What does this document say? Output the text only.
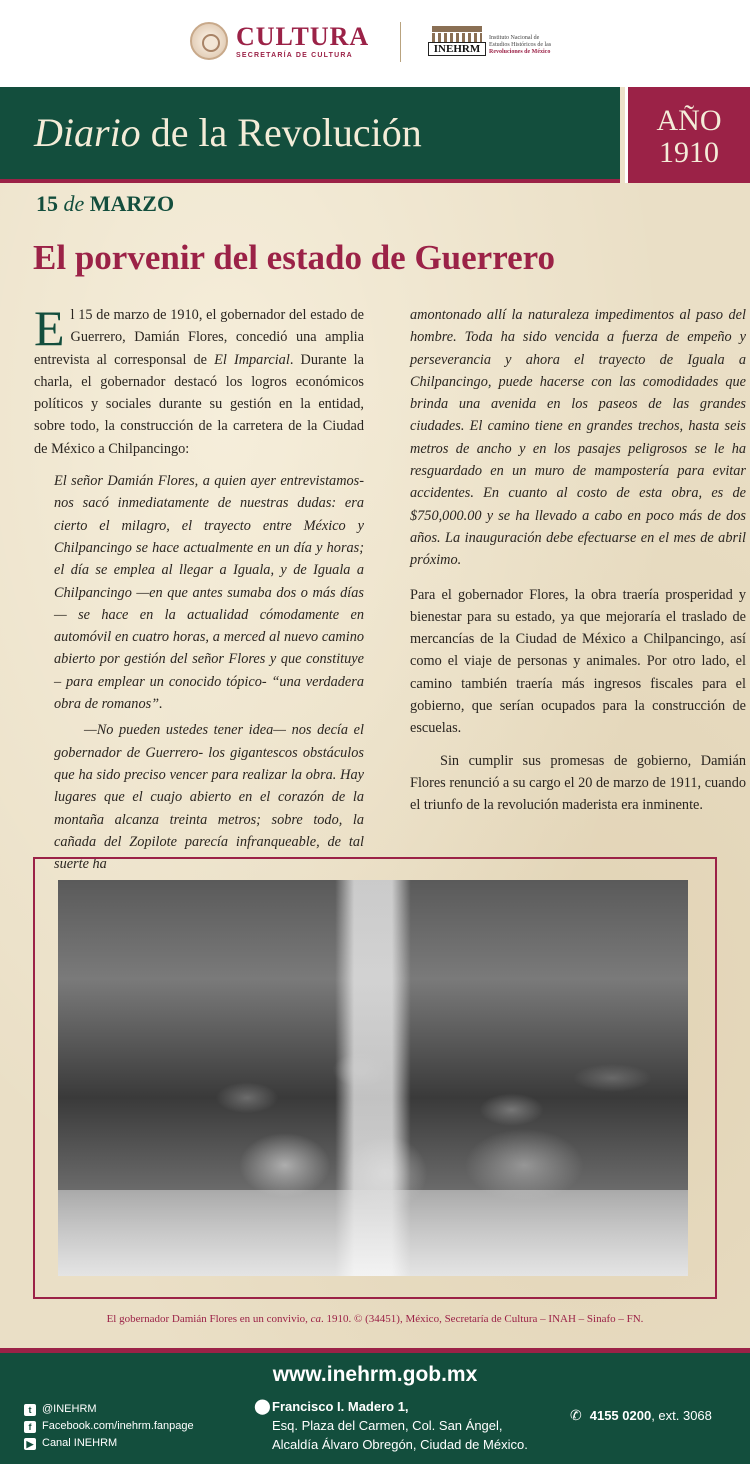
CULTURA
SECRETARÍA DE CULTURA	INEHRM
Instituto Nacional de
Estudios Históricos de las
Revoluciones de México
Diario de la Revolución	AÑO
1910
15 de MARZO
El porvenir del estado de Guerrero

El 15 de marzo de 1910, el gobernador del estado de Guerrero, Damián Flores, concedió una amplia entrevista al corresponsal de El Imparcial. Durante la charla, el gobernador destacó los logros económicos políticos y sociales durante su gestión en la entidad, sobre todo, la construcción de la carretera de la Ciudad de México a Chilpancingo:

El señor Damián Flores, a quien ayer entrevistamos-nos sacó inmediatamente de nuestras dudas: era cierto el milagro, el trayecto entre México y Chilpancingo se hace actualmente en un día y horas; el día se emplea al llegar a Iguala, y de Iguala a Chilpancingo —en que antes sumaba dos o más días— se hace en la actualidad cómodamente en automóvil en cuatro horas, a merced al nuevo camino abierto por gestión del señor Flores y que constituye – para emplear un conocido tópico- “una verdadera obra de romanos”.

—No pueden ustedes tener idea— nos decía el gobernador de Guerrero- los gigantescos obstáculos que ha sido preciso vencer para realizar la obra. Hay lugares que el cuajo abierto en el corazón de la montaña alcanza treinta metros; sobre todo, la cañada del Zopilote parecía infranqueable, de tal suerte ha

amontonado allí la naturaleza impedimentos al paso del hombre. Toda ha sido vencida a fuerza de empeño y perseverancia y ahora el trayecto de Iguala a Chilpancingo, puede hacerse con las comodidades que brinda una avenida en los paseos de las grandes ciudades. El camino tiene en grandes trechos, hasta seis metros de ancho y en los pasajes peligrosos se le ha resguardado en un muro de mampostería para evitar accidentes. En cuanto al costo de esta obra, es de $750,000.00 y se ha llevado a cabo en poco más de dos años. La inauguración debe efectuarse en el mes de abril próximo.

Para el gobernador Flores, la obra traería prosperidad y bienestar para su estado, ya que mejoraría el traslado de mercancías de la Ciudad de México a Chilpancingo, así como el viaje de personas y animales. Por otro lado, el camino también traería más ingresos fiscales para el gobierno, que serían ocupados para la construcción de escuelas.

Sin cumplir sus promesas de gobierno, Damián Flores renunció a su cargo el 20 de marzo de 1911, cuando el triunfo de la revolución maderista era inminente.

El gobernador Damián Flores en un convivio, ca. 1910. © (34451), México, Secretaría de Cultura – INAH – Sinafo – FN.
www.inehrm.gob.mx
t @INEHRM
f Facebook.com/inehrm.fanpage
▶ Canal INEHRM
⬤ Francisco I. Madero 1,
Esq. Plaza del Carmen, Col. San Ángel,
Alcaldía Álvaro Obregón, Ciudad de México.
✆ 4155 0200 , ext. 3068
